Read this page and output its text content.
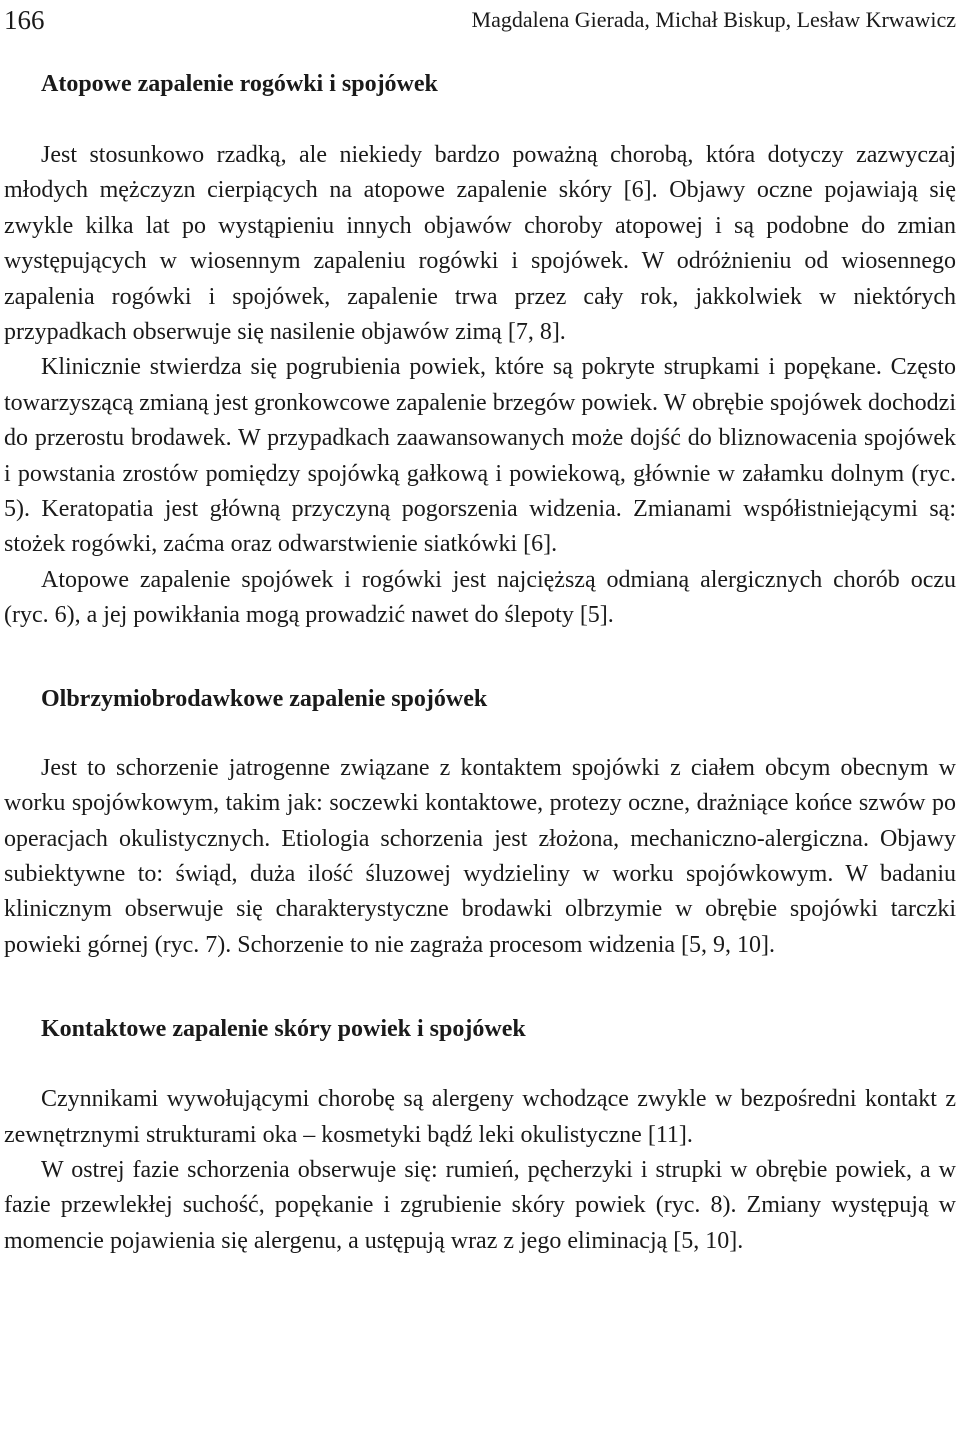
166	Magdalena Gierada, Michał Biskup, Lesław Krwawicz
Atopowe zapalenie rogówki i spojówek

Jest stosunkowo rzadką, ale niekiedy bardzo poważną chorobą, która dotyczy zazwyczaj młodych mężczyzn cierpiących na atopowe zapalenie skóry [6]. Objawy oczne pojawiają się zwykle kilka lat po wystąpieniu innych objawów choroby atopowej i są podobne do zmian występujących w wiosennym zapaleniu rogówki i spojówek. W odróżnieniu od wiosennego zapalenia rogówki i spojówek, zapalenie trwa przez cały rok, jakkolwiek w niektórych przypadkach obserwuje się nasilenie objawów zimą [7, 8].

Klinicznie stwierdza się pogrubienia powiek, które są pokryte strupkami i popękane. Często towarzyszącą zmianą jest gronkowcowe zapalenie brzegów powiek. W obrębie spojówek dochodzi do przerostu brodawek. W przypadkach zaawansowanych może dojść do bliznowacenia spojówek i powstania zrostów pomiędzy spojówką gałkową i powiekową, głównie w załamku dolnym (ryc. 5). Keratopatia jest główną przyczyną pogorszenia widzenia. Zmianami współistniejącymi są: stożek rogówki, zaćma oraz odwarstwienie siatkówki [6].

Atopowe zapalenie spojówek i rogówki jest najcięższą odmianą alergicznych chorób oczu (ryc. 6), a jej powikłania mogą prowadzić nawet do ślepoty [5].

Olbrzymiobrodawkowe zapalenie spojówek

Jest to schorzenie jatrogenne związane z kontaktem spojówki z ciałem obcym obecnym w worku spojówkowym, takim jak: soczewki kontaktowe, protezy oczne, drażniące końce szwów po operacjach okulistycznych. Etiologia schorzenia jest złożona, mechaniczno-alergiczna. Objawy subiektywne to: świąd, duża ilość śluzowej wydzieliny w worku spojówkowym. W badaniu klinicznym obserwuje się charakterystyczne brodawki olbrzymie w obrębie spojówki tarczki powieki górnej (ryc. 7). Schorzenie to nie zagraża procesom widzenia [5, 9, 10].

Kontaktowe zapalenie skóry powiek i spojówek

Czynnikami wywołującymi chorobę są alergeny wchodzące zwykle w bezpośredni kontakt z zewnętrznymi strukturami oka – kosmetyki bądź leki okulistyczne [11].

W ostrej fazie schorzenia obserwuje się: rumień, pęcherzyki i strupki w obrębie powiek, a w fazie przewlekłej suchość, popękanie i zgrubienie skóry powiek (ryc. 8). Zmiany występują w momencie pojawienia się alergenu, a ustępują wraz z jego eliminacją [5, 10].
